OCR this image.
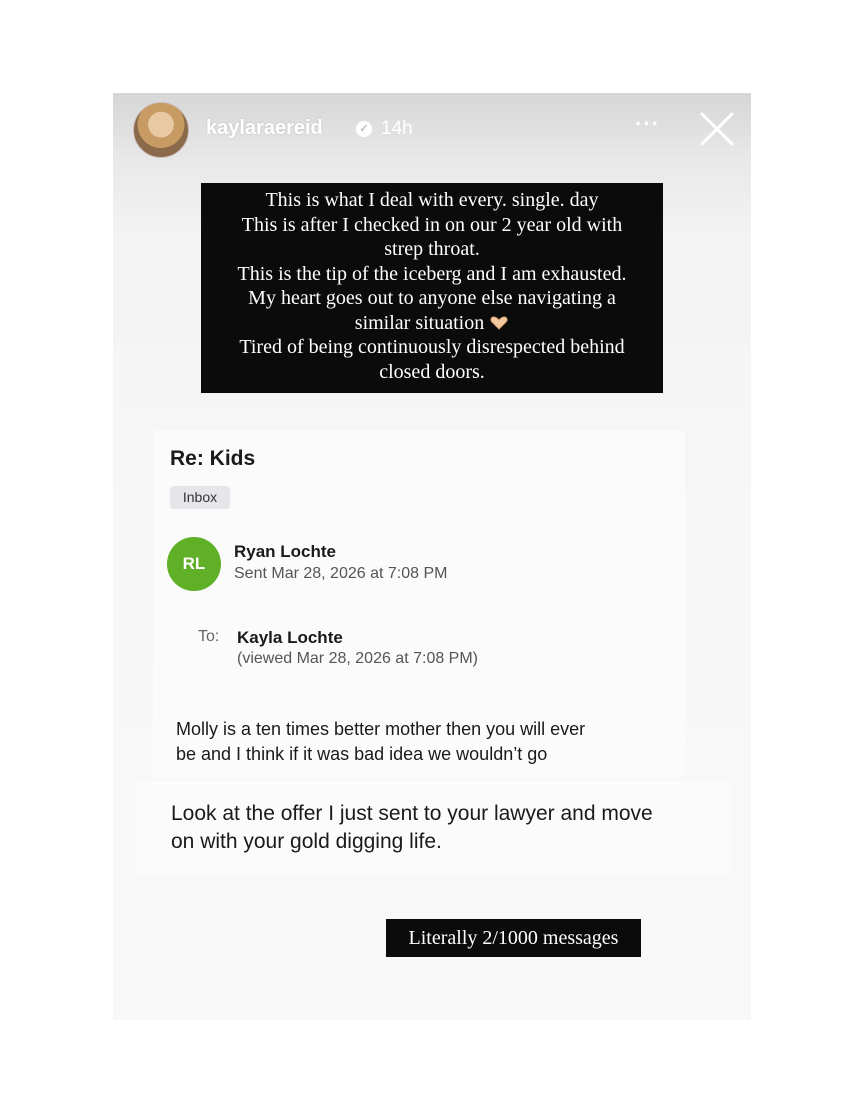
kaylaraereid	✓ 14h	···
This is what I deal with every. single. day
This is after I checked in on our 2 year old with
strep throat.
This is the tip of the iceberg and I am exhausted.
My heart goes out to anyone else navigating a
similar situation
Tired of being continuously disrespected behind
closed doors.
Re: Kids
Inbox
RL
Ryan Lochte
Sent Mar 28, 2026 at 7:08 PM
To: Kayla Lochte
(viewed Mar 28, 2026 at 7:08 PM)
Molly is a ten times better mother then you will ever
be and I think if it was bad idea we wouldn’t go
Look at the offer I just sent to your lawyer and move
on with your gold digging life.
Literally 2/1000 messages
